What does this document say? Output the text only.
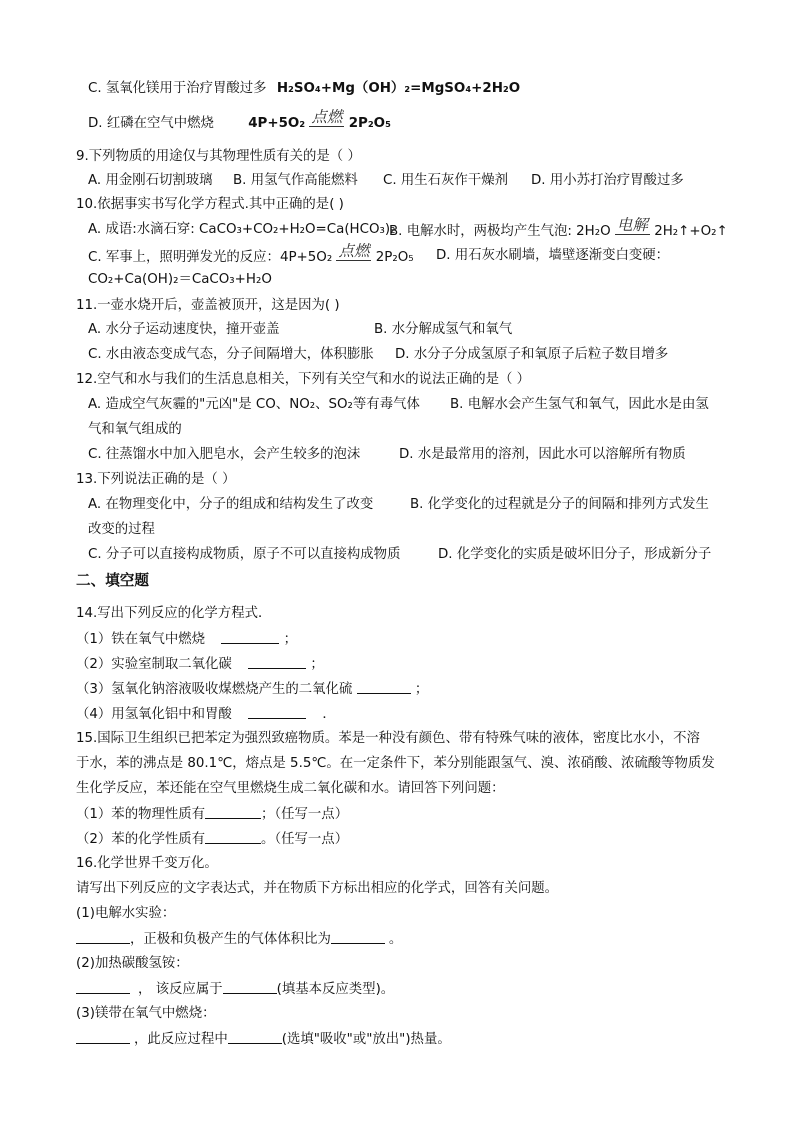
C. 氢氧化镁用于治疗胃酸过多 H₂SO₄+Mg（OH）₂=MgSO₄+2H₂O
D. 红磷在空气中燃烧	4P+5O₂ 点燃 2P₂O₅
9.下列物质的用途仅与其物理性质有关的是（ ）
A. 用金刚石切割玻璃 B. 用氢气作高能燃料 C. 用生石灰作干燥剂 D. 用小苏打治疗胃酸过多
10.依据事实书写化学方程式.其中正确的是( )
A. 成语:水滴石穿: CaCO₃+CO₂+H₂O=Ca(HCO₃)₂
B. 电解水时，两极均产生气泡: 2H₂O 电解 2H₂↑+O₂↑
C. 军事上，照明弹发光的反应：4P+5O₂ 点燃 2P₂O₅ D. 用石灰水刷墙，墙壁逐渐变白变硬：
CO₂+Ca(OH)₂＝CaCO₃+H₂O
11.一壶水烧开后，壶盖被顶开，这是因为( )
A. 水分子运动速度快，撞开壶盖	B. 水分解成氢气和氧气
C. 水由液态变成气态，分子间隔增大，体积膨胀 D. 水分子分成氢原子和氧原子后粒子数目增多
12.空气和水与我们的生活息息相关，下列有关空气和水的说法正确的是（ ）
A. 造成空气灰霾的"元凶"是 CO、NO₂、SO₂等有毒气体 B. 电解水会产生氢气和氧气，因此水是由氢
气和氧气组成的
C. 往蒸馏水中加入肥皂水，会产生较多的泡沫	D. 水是最常用的溶剂，因此水可以溶解所有物质
13.下列说法正确的是（ ）
A. 在物理变化中，分子的组成和结构发生了改变	B. 化学变化的过程就是分子的间隔和排列方式发生
改变的过程
C. 分子可以直接构成物质，原子不可以直接构成物质	D. 化学变化的实质是破坏旧分子，形成新分子
二、填空题
14.写出下列反应的化学方程式．
（1）铁在氧气中燃烧	；
（2）实验室制取二氧化碳	；
（3）氢氧化钠溶液吸收煤燃烧产生的二氧化硫	；
（4）用氢氧化铝中和胃酸	．
15.国际卫生组织已把苯定为强烈致癌物质。苯是一种没有颜色、带有特殊气味的液体，密度比水小，不溶
于水，苯的沸点是 80.1℃，熔点是 5.5℃。在一定条件下，苯分别能跟氢气、溴、浓硝酸、浓硫酸等物质发
生化学反应，苯还能在空气里燃烧生成二氧化碳和水。请回答下列问题：
（1）苯的物理性质有	；（任写一点）
（2）苯的化学性质有	。（任写一点）
16.化学世界千变万化。
请写出下列反应的文字表达式，并在物质下方标出相应的化学式，回答有关问题。
(1)电解水实验：
，正极和负极产生的气体体积比为	。
(2)加热碳酸氢铵：
， 该反应属于	(填基本反应类型)。
(3)镁带在氧气中燃烧：
，此反应过程中	(选填"吸收"或"放出")热量。
